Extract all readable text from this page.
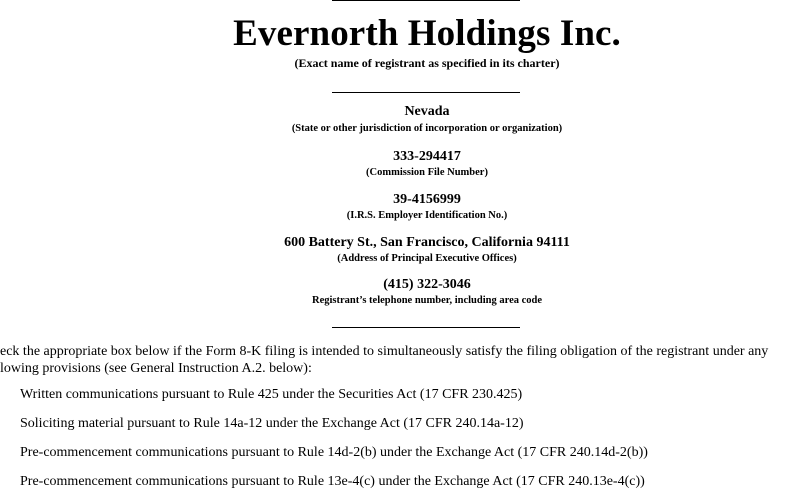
Evernorth Holdings Inc.
(Exact name of registrant as specified in its charter)
Nevada
(State or other jurisdiction of incorporation or organization)
333-294417
(Commission File Number)
39-4156999
(I.R.S. Employer Identification No.)
600 Battery St., San Francisco, California 94111
(Address of Principal Executive Offices)
(415) 322-3046
Registrant’s telephone number, including area code
eck the appropriate box below if the Form 8-K filing is intended to simultaneously satisfy the filing obligation of the registrant under any
lowing provisions (see General Instruction A.2. below):
Written communications pursuant to Rule 425 under the Securities Act (17 CFR 230.425)
Soliciting material pursuant to Rule 14a-12 under the Exchange Act (17 CFR 240.14a-12)
Pre-commencement communications pursuant to Rule 14d-2(b) under the Exchange Act (17 CFR 240.14d-2(b))
Pre-commencement communications pursuant to Rule 13e-4(c) under the Exchange Act (17 CFR 240.13e-4(c))
